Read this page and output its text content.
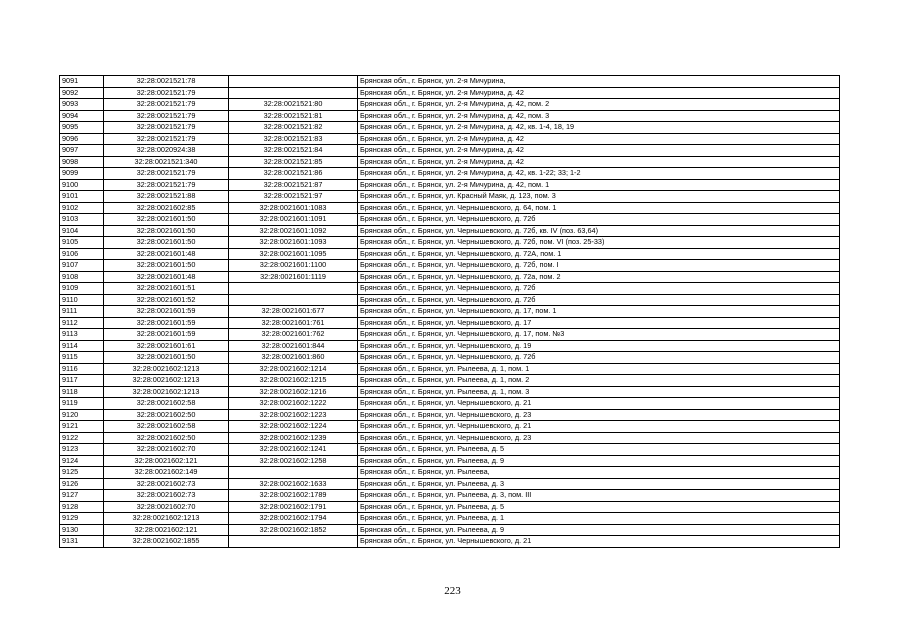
9091	32:28:0021521:78		Брянская обл., г. Брянск, ул. 2-я Мичурина,
9092	32:28:0021521:79		Брянская обл., г. Брянск, ул. 2-я Мичурина, д. 42
9093	32:28:0021521:79	32:28:0021521:80	Брянская обл., г. Брянск, ул. 2-я Мичурина, д. 42, пом. 2
9094	32:28:0021521:79	32:28:0021521:81	Брянская обл., г. Брянск, ул. 2-я Мичурина, д. 42, пом. 3
9095	32:28:0021521:79	32:28:0021521:82	Брянская обл., г. Брянск, ул. 2-я Мичурина, д. 42, кв. 1-4, 18, 19
9096	32:28:0021521:79	32:28:0021521:83	Брянская обл., г. Брянск, ул. 2-я Мичурина, д. 42
9097	32:28:0020924:38	32:28:0021521:84	Брянская обл., г. Брянск, ул. 2-я Мичурина, д. 42
9098	32:28:0021521:340	32:28:0021521:85	Брянская обл., г. Брянск, ул. 2-я Мичурина, д. 42
9099	32:28:0021521:79	32:28:0021521:86	Брянская обл., г. Брянск, ул. 2-я Мичурина, д. 42, кв. 1-22; 33; 1-2
9100	32:28:0021521:79	32:28:0021521:87	Брянская обл., г. Брянск, ул. 2-я Мичурина, д. 42, пом. 1
9101	32:28:0021521:88	32:28:0021521:97	Брянская обл., г. Брянск, ул. Красный Маяк, д. 123, пом. 3
9102	32:28:0021602:85	32:28:0021601:1083	Брянская обл., г. Брянск, ул. Чернышевского, д. 64, пом. 1
9103	32:28:0021601:50	32:28:0021601:1091	Брянская обл., г. Брянск, ул. Чернышевского, д. 72б
9104	32:28:0021601:50	32:28:0021601:1092	Брянская обл., г. Брянск, ул. Чернышевского, д. 72б, кв. IV (поз. 63,64)
9105	32:28:0021601:50	32:28:0021601:1093	Брянская обл., г. Брянск, ул. Чернышевского, д. 72б, пом. VI (поз. 25-33)
9106	32:28:0021601:48	32:28:0021601:1095	Брянская обл., г. Брянск, ул. Чернышевского, д. 72А, пом. 1
9107	32:28:0021601:50	32:28:0021601:1100	Брянская обл., г. Брянск, ул. Чернышевского, д. 72б, пом. I
9108	32:28:0021601:48	32:28:0021601:1119	Брянская обл., г. Брянск, ул. Чернышевского, д. 72а, пом. 2
9109	32:28:0021601:51		Брянская обл., г. Брянск, ул. Чернышевского, д. 72б
9110	32:28:0021601:52		Брянская обл., г. Брянск, ул. Чернышевского, д. 72б
9111	32:28:0021601:59	32:28:0021601:677	Брянская обл., г. Брянск, ул. Чернышевского, д. 17, пом. 1
9112	32:28:0021601:59	32:28:0021601:761	Брянская обл., г. Брянск, ул. Чернышевского, д. 17
9113	32:28:0021601:59	32:28:0021601:762	Брянская обл., г. Брянск, ул. Чернышевского, д. 17, пом. №3
9114	32:28:0021601:61	32:28:0021601:844	Брянская обл., г. Брянск, ул. Чернышевского, д. 19
9115	32:28:0021601:50	32:28:0021601:860	Брянская обл., г. Брянск, ул. Чернышевского, д. 72б
9116	32:28:0021602:1213	32:28:0021602:1214	Брянская обл., г. Брянск, ул. Рылеева, д. 1, пом. 1
9117	32:28:0021602:1213	32:28:0021602:1215	Брянская обл., г. Брянск, ул. Рылеева, д. 1, пом. 2
9118	32:28:0021602:1213	32:28:0021602:1216	Брянская обл., г. Брянск, ул. Рылеева, д. 1, пом. 3
9119	32:28:0021602:58	32:28:0021602:1222	Брянская обл., г. Брянск, ул. Чернышевского, д. 21
9120	32:28:0021602:50	32:28:0021602:1223	Брянская обл., г. Брянск, ул. Чернышевского, д. 23
9121	32:28:0021602:58	32:28:0021602:1224	Брянская обл., г. Брянск, ул. Чернышевского, д. 21
9122	32:28:0021602:50	32:28:0021602:1239	Брянская обл., г. Брянск, ул. Чернышевского, д. 23
9123	32:28:0021602:70	32:28:0021602:1241	Брянская обл., г. Брянск, ул. Рылеева, д. 5
9124	32:28:0021602:121	32:28:0021602:1258	Брянская обл., г. Брянск, ул. Рылеева, д. 9
9125	32:28:0021602:149		Брянская обл., г. Брянск, ул. Рылеева,
9126	32:28:0021602:73	32:28:0021602:1633	Брянская обл., г. Брянск, ул. Рылеева, д. 3
9127	32:28:0021602:73	32:28:0021602:1789	Брянская обл., г. Брянск, ул. Рылеева, д. 3, пом. III
9128	32:28:0021602:70	32:28:0021602:1791	Брянская обл., г. Брянск, ул. Рылеева, д. 5
9129	32:28:0021602:1213	32:28:0021602:1794	Брянская обл., г. Брянск, ул. Рылеева, д. 1
9130	32:28:0021602:121	32:28:0021602:1852	Брянская обл., г. Брянск, ул. Рылеева, д. 9
9131	32:28:0021602:1855		Брянская обл., г. Брянск, ул. Чернышевского, д. 21
223
